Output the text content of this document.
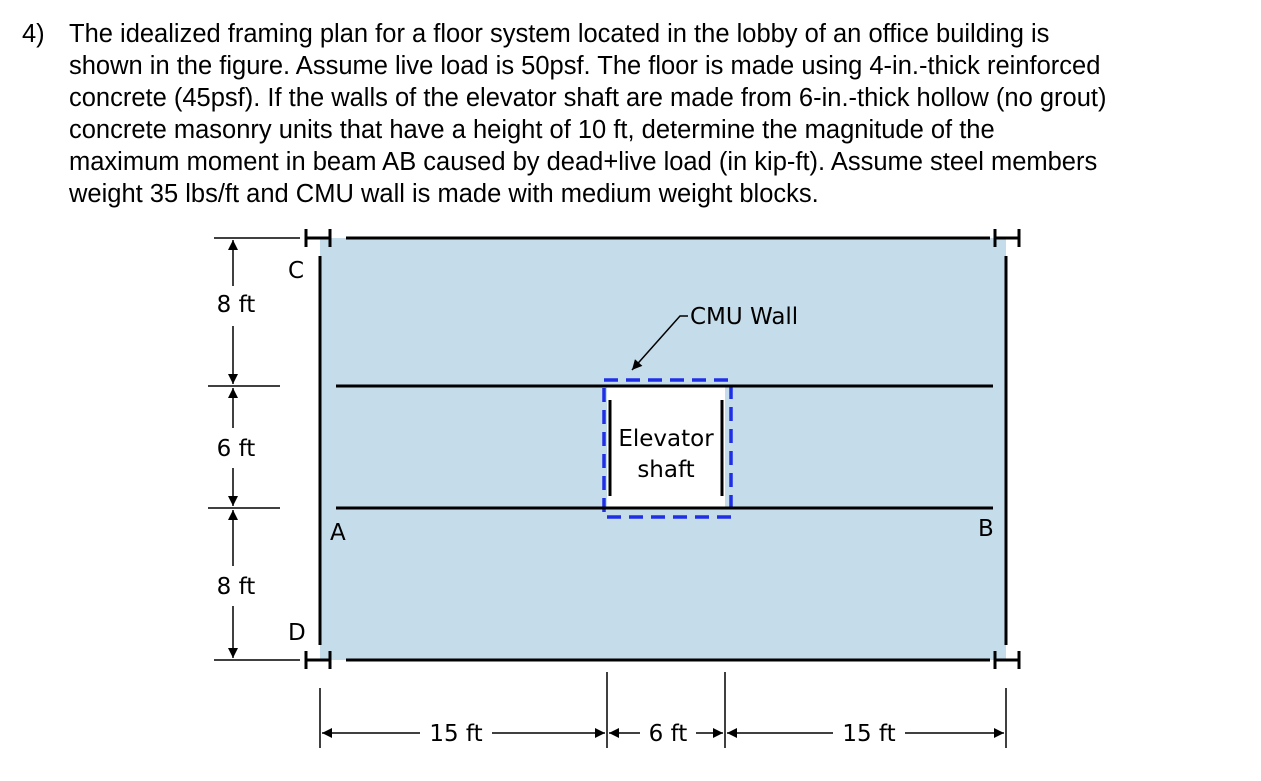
4) The idealized framing plan for a floor system located in the lobby of an office building is
shown in the figure. Assume live load is 50psf. The floor is made using 4-in.-thick reinforced
concrete (45psf). If the walls of the elevator shaft are made from 6-in.-thick hollow (no grout)
concrete masonry units that have a height of 10 ft, determine the magnitude of the
maximum moment in beam AB caused by dead+live load (in kip-ft). Assume steel members
weight 35 lbs/ft and CMU wall is made with medium weight blocks.
C
A
D
B
CMU Wall
Elevator
shaft
8 ft
6 ft
8 ft
15 ft	6 ft	15 ft
